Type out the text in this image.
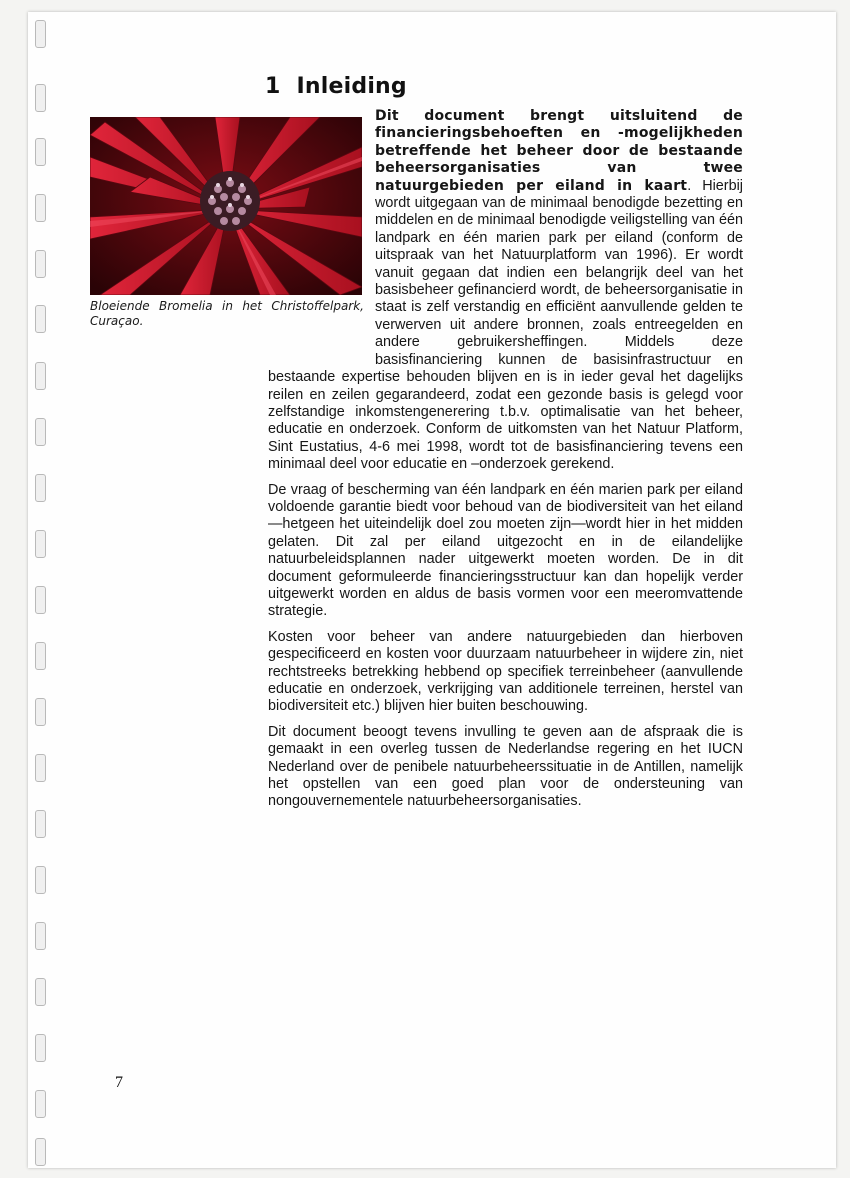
1 Inleiding

Bloeiende Bromelia in het Christoffelpark, Curaçao.

Dit document brengt uitsluitend de financieringsbehoeften en -mogelijkheden betreffende het beheer door de bestaande beheersorganisaties van twee natuurgebieden per eiland in kaart. Hierbij wordt uitgegaan van de minimaal benodigde bezetting en middelen en de minimaal benodigde veiligstelling van één landpark en één marien park per eiland (conform de uitspraak van het Natuurplatform van 1996). Er wordt vanuit gegaan dat indien een belangrijk deel van het basisbeheer gefinancierd wordt, de beheersorganisatie in staat is zelf verstandig en efficiënt aanvullende gelden te verwerven uit andere bronnen, zoals entreegelden en andere gebruikersheffingen. Middels deze basisfinanciering kunnen de basisinfrastructuur en bestaande expertise behouden blijven en is in ieder geval het dagelijks reilen en zeilen gegarandeerd, zodat een gezonde basis is gelegd voor zelfstandige inkomstengenerering t.b.v. optimalisatie van het beheer, educatie en onderzoek. Conform de uitkomsten van het Natuur Platform, Sint Eustatius, 4-6 mei 1998, wordt tot de basisfinanciering tevens een minimaal deel voor educatie en –onderzoek gerekend.

De vraag of bescherming van één landpark en één marien park per eiland voldoende garantie biedt voor behoud van de biodiversiteit van het eiland—hetgeen het uiteindelijk doel zou moeten zijn—wordt hier in het midden gelaten. Dit zal per eiland uitgezocht en in de eilandelijke natuurbeleidsplannen nader uitgewerkt moeten worden. De in dit document geformuleerde financieringsstructuur kan dan hopelijk verder uitgewerkt worden en aldus de basis vormen voor een meeromvattende strategie.

Kosten voor beheer van andere natuurgebieden dan hierboven gespecificeerd en kosten voor duurzaam natuurbeheer in wijdere zin, niet rechtstreeks betrekking hebbend op specifiek terreinbeheer (aanvullende educatie en onderzoek, verkrijging van additionele terreinen, herstel van biodiversiteit etc.) blijven hier buiten beschouwing.

Dit document beoogt tevens invulling te geven aan de afspraak die is gemaakt in een overleg tussen de Nederlandse regering en het IUCN Nederland over de penibele natuurbeheerssituatie in de Antillen, namelijk het opstellen van een goed plan voor de ondersteuning van nongouvernementele natuurbeheersorganisaties.

7
